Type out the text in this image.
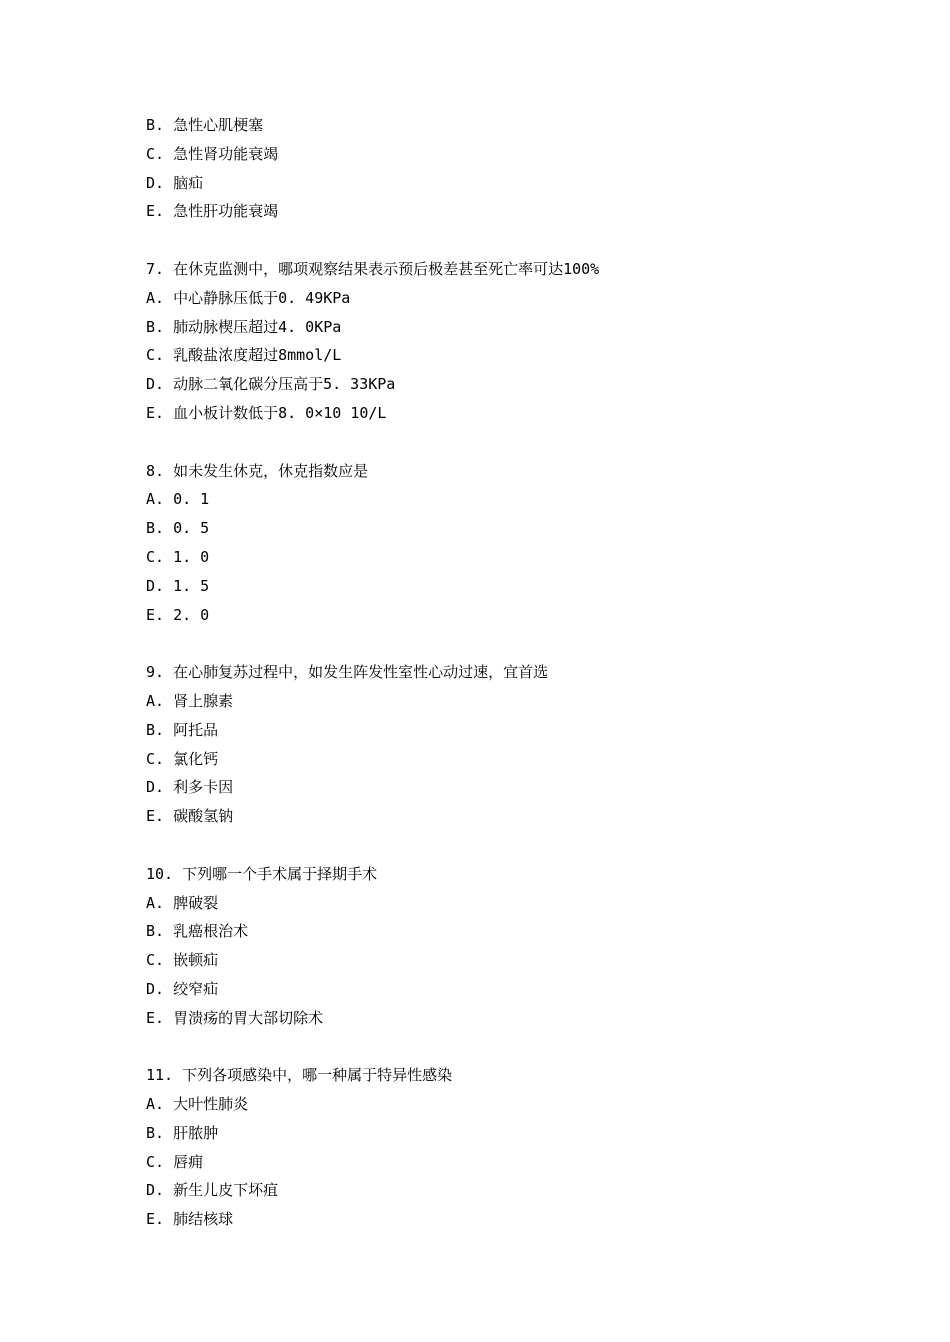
B. 急性心肌梗塞
C. 急性肾功能衰竭
D. 脑疝
E. 急性肝功能衰竭
7. 在休克监测中，哪项观察结果表示预后极差甚至死亡率可达100%
A. 中心静脉压低于0. 49KPa
B. 肺动脉楔压超过4. 0KPa
C. 乳酸盐浓度超过8mmol/L
D. 动脉二氧化碳分压高于5. 33KPa
E. 血小板计数低于8. 0×10 10/L
8. 如未发生休克，休克指数应是
A. 0. 1
B. 0. 5
C. 1. 0
D. 1. 5
E. 2. 0
9. 在心肺复苏过程中，如发生阵发性室性心动过速，宜首选
A. 肾上腺素
B. 阿托品
C. 氯化钙
D. 利多卡因
E. 碳酸氢钠
10. 下列哪一个手术属于择期手术
A. 脾破裂
B. 乳癌根治术
C. 嵌顿疝
D. 绞窄疝
E. 胃溃疡的胃大部切除术
11. 下列各项感染中，哪一种属于特异性感染
A. 大叶性肺炎
B. 肝脓肿
C. 唇痈
D. 新生儿皮下坏疽
E. 肺结核球
